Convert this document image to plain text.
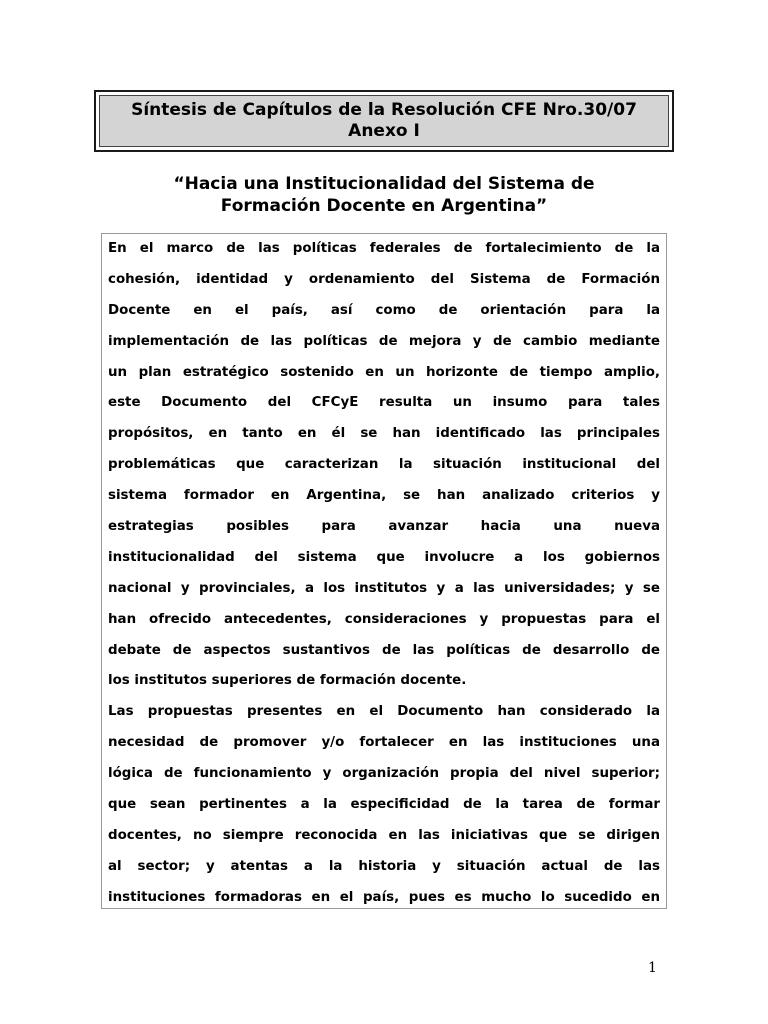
Síntesis de Capítulos de la Resolución CFE Nro.30/07
Anexo I
“Hacia una Institucionalidad del Sistema de
Formación Docente en Argentina”
En el marco de las políticas federales de fortalecimiento de la
cohesión, identidad y ordenamiento del Sistema de Formación
Docente en el país, así como de orientación para la
implementación de las políticas de mejora y de cambio mediante
un plan estratégico sostenido en un horizonte de tiempo amplio,
este Documento del CFCyE resulta un insumo para tales
propósitos, en tanto en él se han identificado las principales
problemáticas que caracterizan la situación institucional del
sistema formador en Argentina, se han analizado criterios y
estrategias posibles para avanzar hacia una nueva
institucionalidad del sistema que involucre a los gobiernos
nacional y provinciales, a los institutos y a las universidades; y se
han ofrecido antecedentes, consideraciones y propuestas para el
debate de aspectos sustantivos de las políticas de desarrollo de
los institutos superiores de formación docente.
Las propuestas presentes en el Documento han considerado la
necesidad de promover y/o fortalecer en las instituciones una
lógica de funcionamiento y organización propia del nivel superior;
que sean pertinentes a la especificidad de la tarea de formar
docentes, no siempre reconocida en las iniciativas que se dirigen
al sector; y atentas a la historia y situación actual de las
instituciones formadoras en el país, pues es mucho lo sucedido en
1
